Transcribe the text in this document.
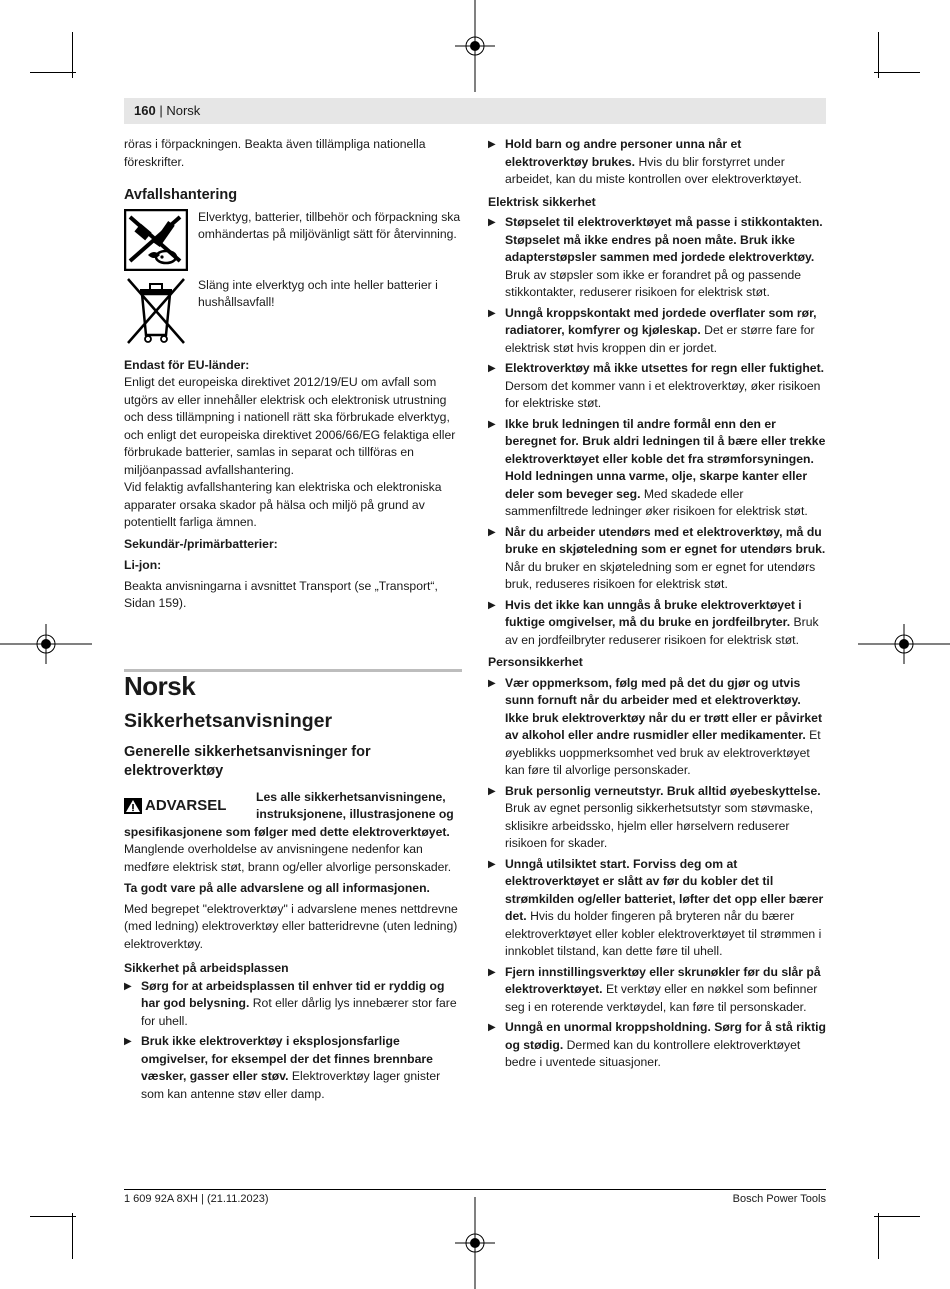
160 | Norsk

röras i förpackningen. Beakta även tillämpliga nationella föreskrifter.

Avfallshantering
Elverktyg, batterier, tillbehör och förpackning ska omhändertas på miljövänligt sätt för återvinning.
Släng inte elverktyg och inte heller batterier i hushållsavfall!
Endast för EU-länder:

Enligt det europeiska direktivet 2012/19/EU om avfall som utgörs av eller innehåller elektrisk och elektronisk utrustning och dess tillämpning i nationell rätt ska förbrukade elverktyg, och enligt det europeiska direktivet 2006/66/EG felaktiga eller förbrukade batterier, samlas in separat och tillföras en miljöanpassad avfallshantering.

Vid felaktig avfallshantering kan elektriska och elektroniska apparater orsaka skador på hälsa och miljö på grund av potentiellt farliga ämnen.

Sekundär-/primärbatterier:
Li-jon:

Beakta anvisningarna i avsnittet Transport (se „Transport“, Sidan 159).

Norsk
Sikkerhetsanvisninger
Generelle sikkerhetsanvisninger for elektroverktøy
ADVARSEL
Les alle sikkerhetsanvisningene, instruksjonene, illustrasjonene og

spesifikasjonene som følger med dette elektroverktøyet. Manglende overholdelse av anvisningene nedenfor kan medføre elektrisk støt, brann og/eller alvorlige personskader.

Ta godt vare på alle advarslene og all informasjonen.

Med begrepet "elektroverktøy" i advarslene menes nettdrevne (med ledning) elektroverktøy eller batteridrevne (uten ledning) elektroverktøy.

Sikkerhet på arbeidsplassen
▶ Sørg for at arbeidsplassen til enhver tid er ryddig og har god belysning. Rot eller dårlig lys innebærer stor fare for uhell.
▶ Bruk ikke elektroverktøy i eksplosjonsfarlige omgivelser, for eksempel der det finnes brennbare væsker, gasser eller støv. Elektroverktøy lager gnister som kan antenne støv eller damp.
▶ Hold barn og andre personer unna når et elektroverktøy brukes. Hvis du blir forstyrret under arbeidet, kan du miste kontrollen over elektroverktøyet.
Elektrisk sikkerhet
▶ Støpselet til elektroverktøyet må passe i stikkontakten. Støpselet må ikke endres på noen måte. Bruk ikke adapterstøpsler sammen med jordede elektroverktøy. Bruk av støpsler som ikke er forandret på og passende stikkontakter, reduserer risikoen for elektrisk støt.
▶ Unngå kroppskontakt med jordede overflater som rør, radiatorer, komfyrer og kjøleskap. Det er større fare for elektrisk støt hvis kroppen din er jordet.
▶ Elektroverktøy må ikke utsettes for regn eller fuktighet. Dersom det kommer vann i et elektroverktøy, øker risikoen for elektriske støt.
▶ Ikke bruk ledningen til andre formål enn den er beregnet for. Bruk aldri ledningen til å bære eller trekke elektroverktøyet eller koble det fra strømforsyningen. Hold ledningen unna varme, olje, skarpe kanter eller deler som beveger seg. Med skadede eller sammenfiltrede ledninger øker risikoen for elektrisk støt.
▶ Når du arbeider utendørs med et elektroverktøy, må du bruke en skjøteledning som er egnet for utendørs bruk. Når du bruker en skjøteledning som er egnet for utendørs bruk, reduseres risikoen for elektrisk støt.
▶ Hvis det ikke kan unngås å bruke elektroverktøyet i fuktige omgivelser, må du bruke en jordfeilbryter. Bruk av en jordfeilbryter reduserer risikoen for elektrisk støt.
Personsikkerhet
▶ Vær oppmerksom, følg med på det du gjør og utvis sunn fornuft når du arbeider med et elektroverktøy. Ikke bruk elektroverktøy når du er trøtt eller er påvirket av alkohol eller andre rusmidler eller medikamenter. Et øyeblikks uoppmerksomhet ved bruk av elektroverktøyet kan føre til alvorlige personskader.
▶ Bruk personlig verneutstyr. Bruk alltid øyebeskyttelse. Bruk av egnet personlig sikkerhetsutstyr som støvmaske, sklisikre arbeidssko, hjelm eller hørselvern reduserer risikoen for skader.
▶ Unngå utilsiktet start. Forviss deg om at elektroverktøyet er slått av før du kobler det til strømkilden og/eller batteriet, løfter det opp eller bærer det. Hvis du holder fingeren på bryteren når du bærer elektroverktøyet eller kobler elektroverktøyet til strømmen i innkoblet tilstand, kan dette føre til uhell.
▶ Fjern innstillingsverktøy eller skrunøkler før du slår på elektroverktøyet. Et verktøy eller en nøkkel som befinner seg i en roterende verktøydel, kan føre til personskader.
▶ Unngå en unormal kroppsholdning. Sørg for å stå riktig og stødig. Dermed kan du kontrollere elektroverktøyet bedre i uventede situasjoner.
1 609 92A 8XH | (21.11.2023)	Bosch Power Tools
